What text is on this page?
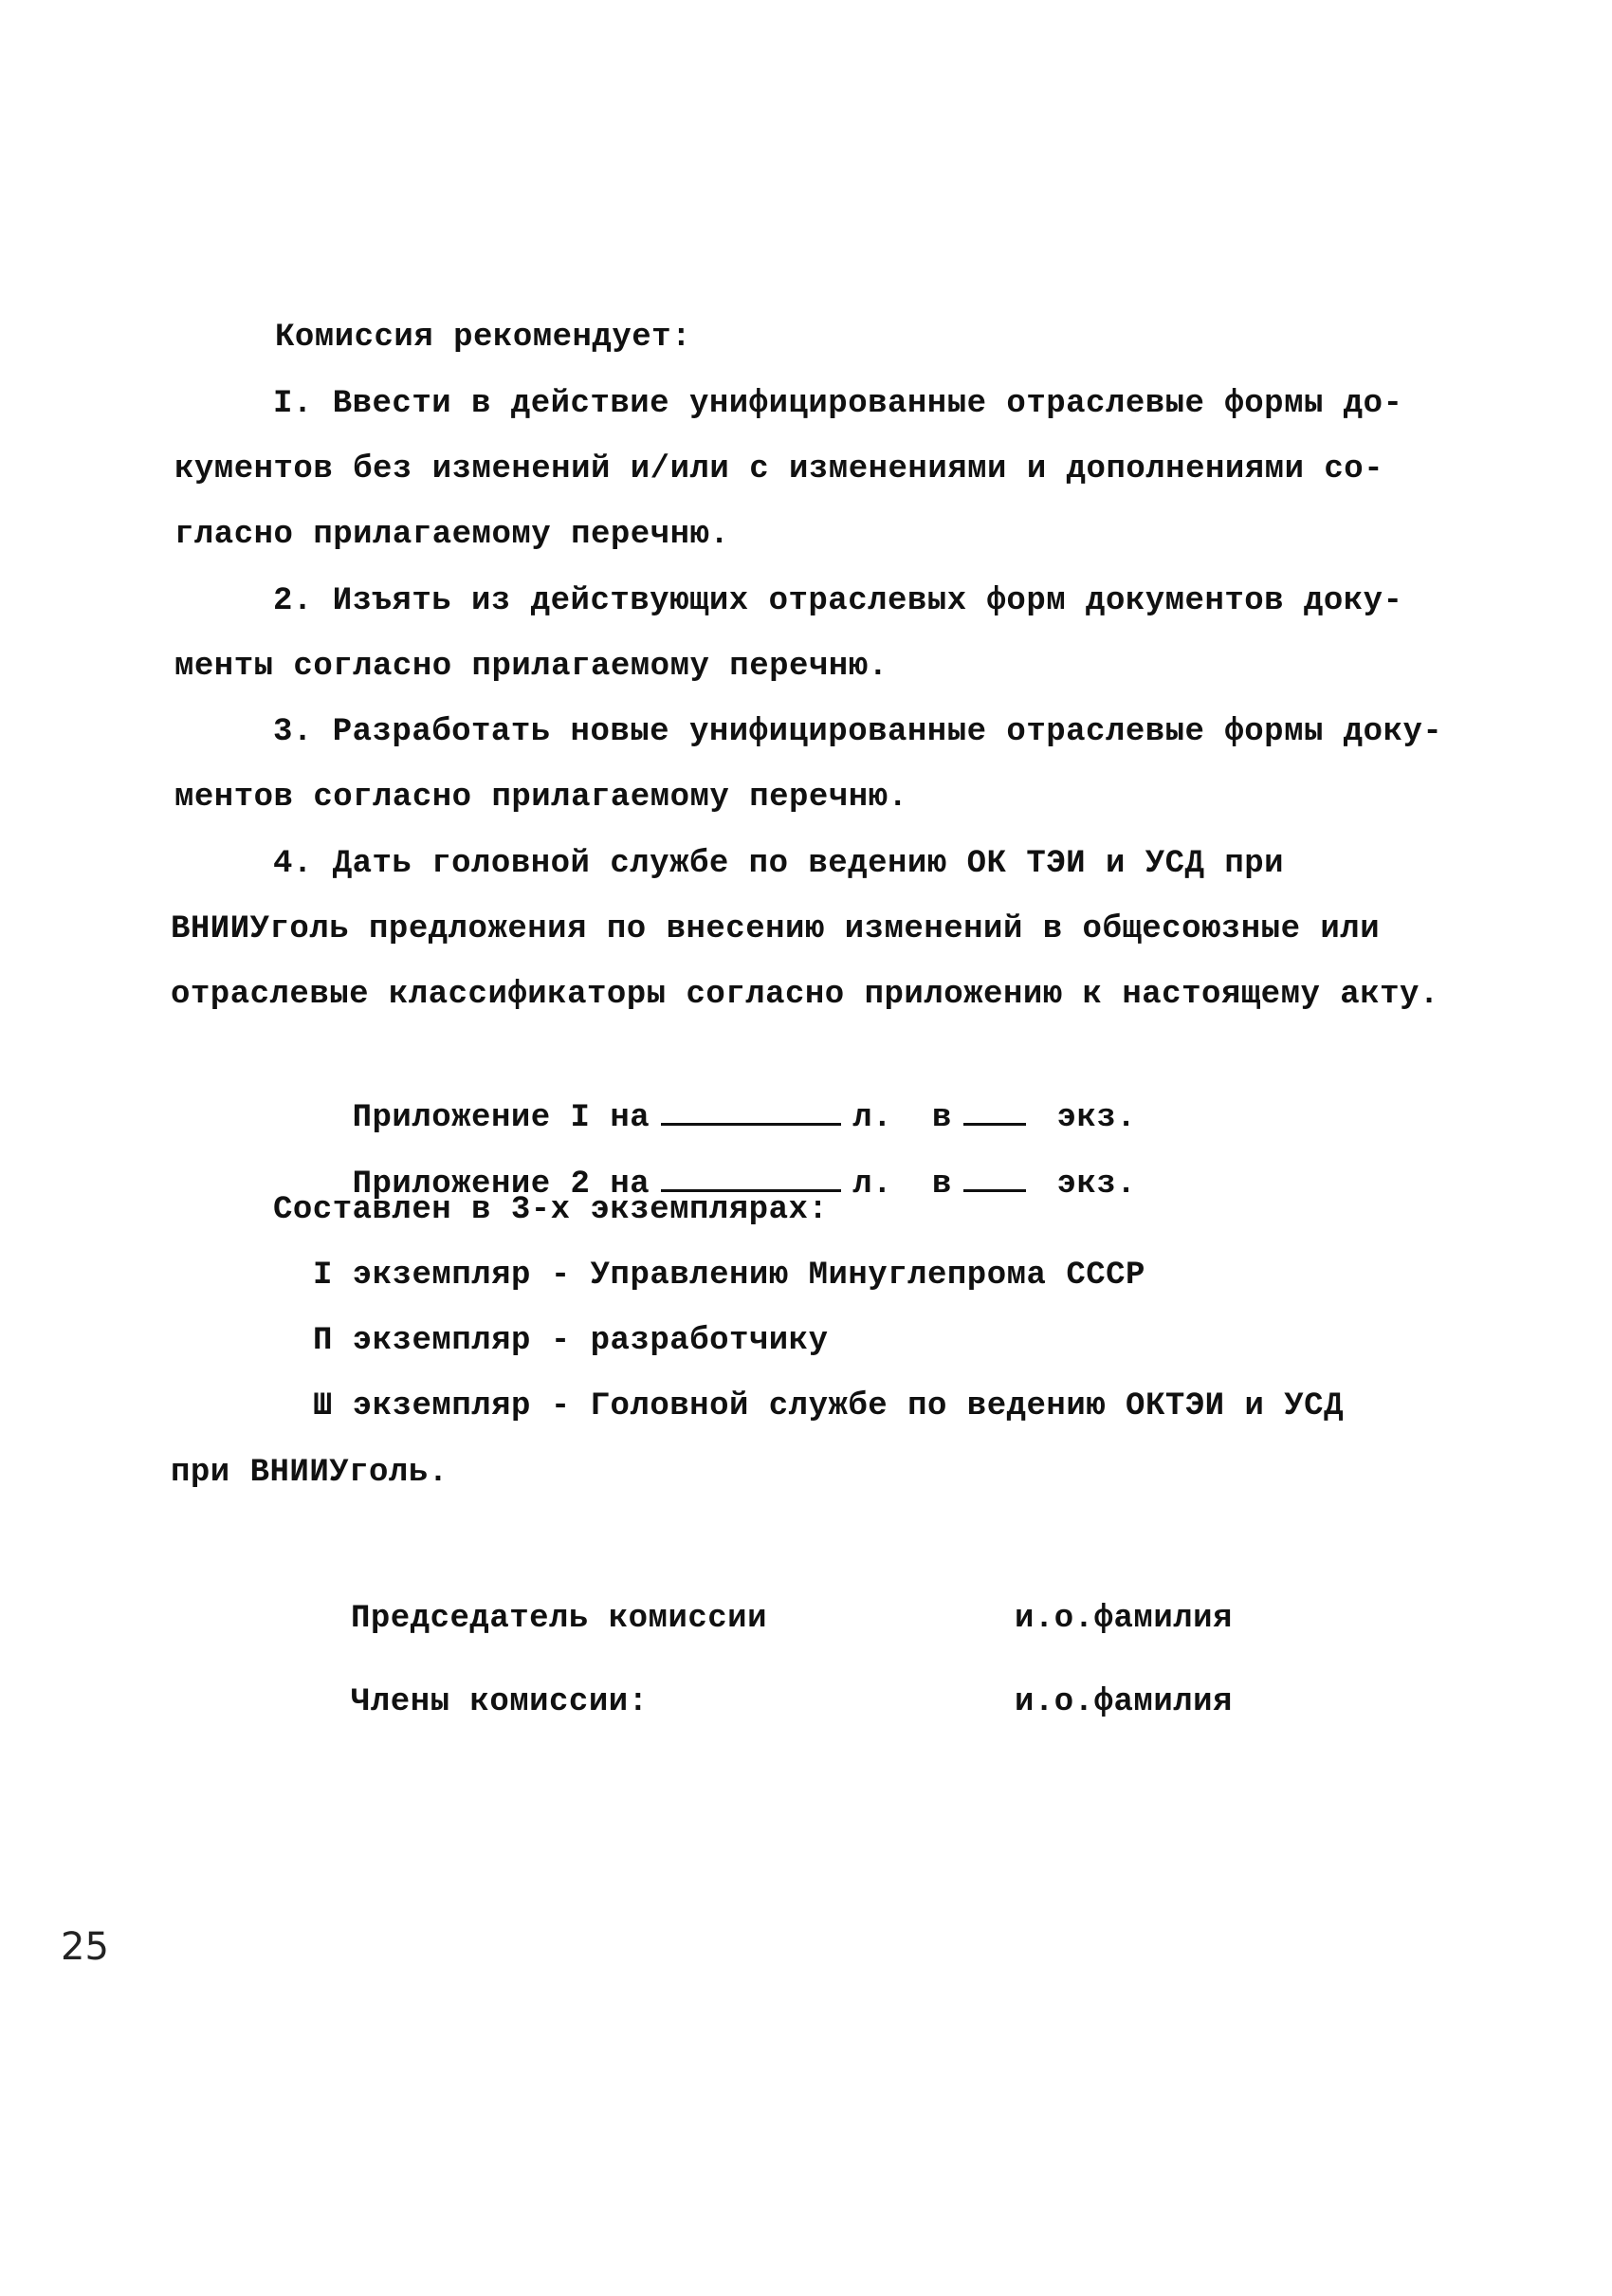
Комиссия рекомендует:
I. Ввести в действие унифицированные отраслевые формы до-
кументов без изменений и/или с изменениями и дополнениями со-
гласно прилагаемому перечню.
2. Изъять из действующих отраслевых форм документов доку-
менты согласно прилагаемому перечню.
3. Разработать новые унифицированные отраслевые формы доку-
ментов согласно прилагаемому перечню.
4. Дать головной службе по ведению ОК ТЭИ и УСД при
ВНИИУголь предложения по внесению изменений в общесоюзные или
отраслевые классификаторы согласно приложению к настоящему акту.

Приложение I на	л. в	экз.

Приложение 2 на	л. в	экз.

Составлен в 3-х экземплярах:
I экземпляр - Управлению Минуглепрома СССР
П экземпляр - разработчику
Ш экземпляр - Головной службе по ведению ОКТЭИ и УСД
при ВНИИУголь.
Председатель комиссии	и.о.фамилия
Члены комиссии:	и.о.фамилия
25
